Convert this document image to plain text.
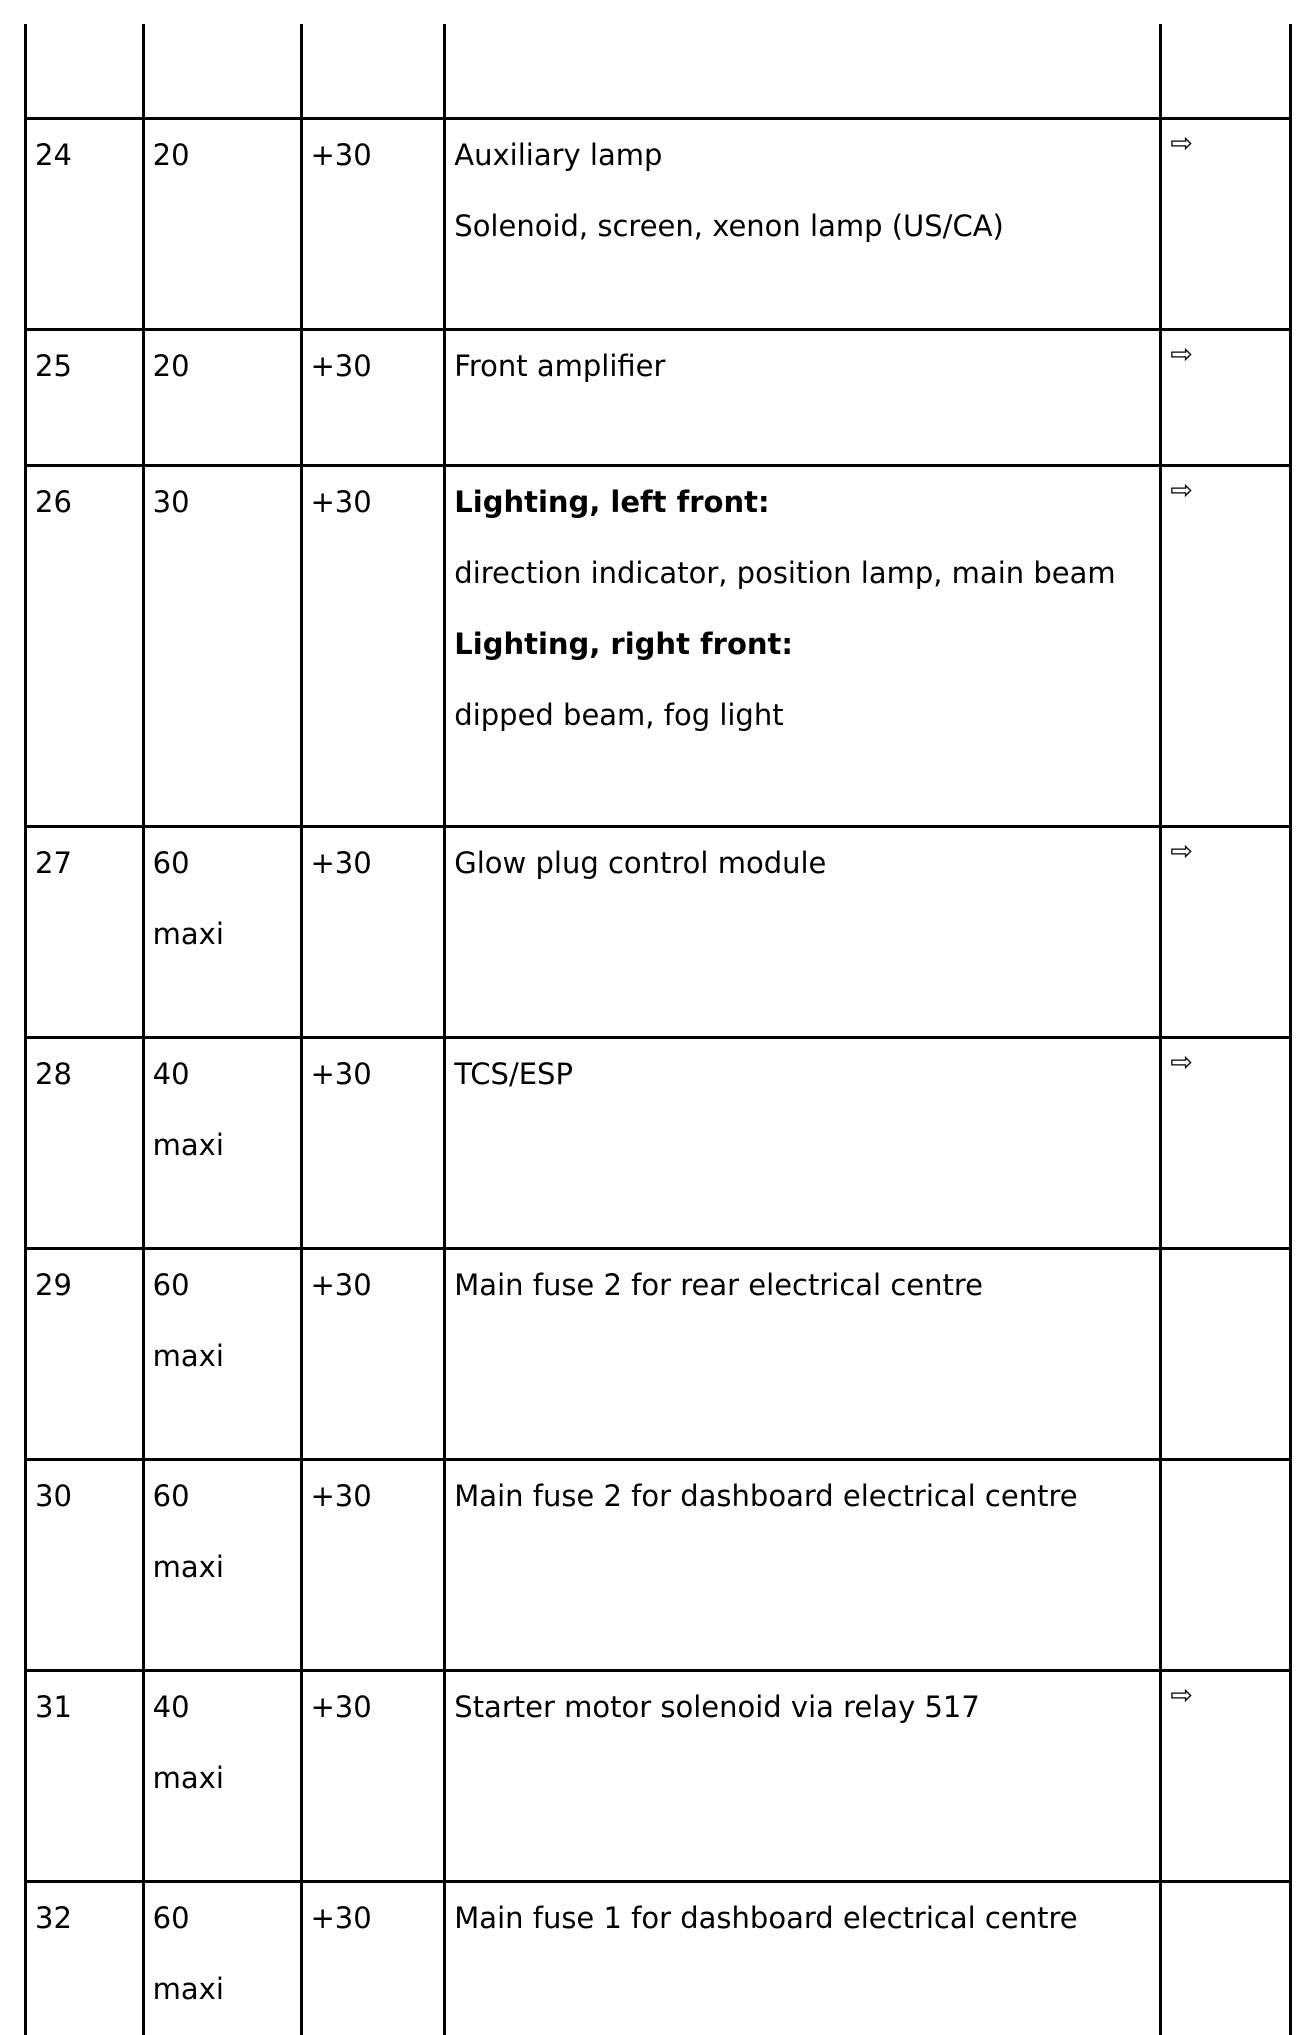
24	20	+30	Auxiliary lamp
Solenoid, screen, xenon lamp (US/CA)	⇨

25	20	+30	Front amplifier	⇨

26	30	+30	Lighting, left front:
direction indicator, position lamp, main beam
Lighting, right front:
dipped beam, fog light	⇨

27	60
maxi	+30	Glow plug control module	⇨

28	40
maxi	+30	TCS/ESP	⇨

29	60
maxi	+30	Main fuse 2 for rear electrical centre	

30	60
maxi	+30	Main fuse 2 for dashboard electrical centre	

31	40
maxi	+30	Starter motor solenoid via relay 517	⇨

32	60
maxi	+30	Main fuse 1 for dashboard electrical centre	
